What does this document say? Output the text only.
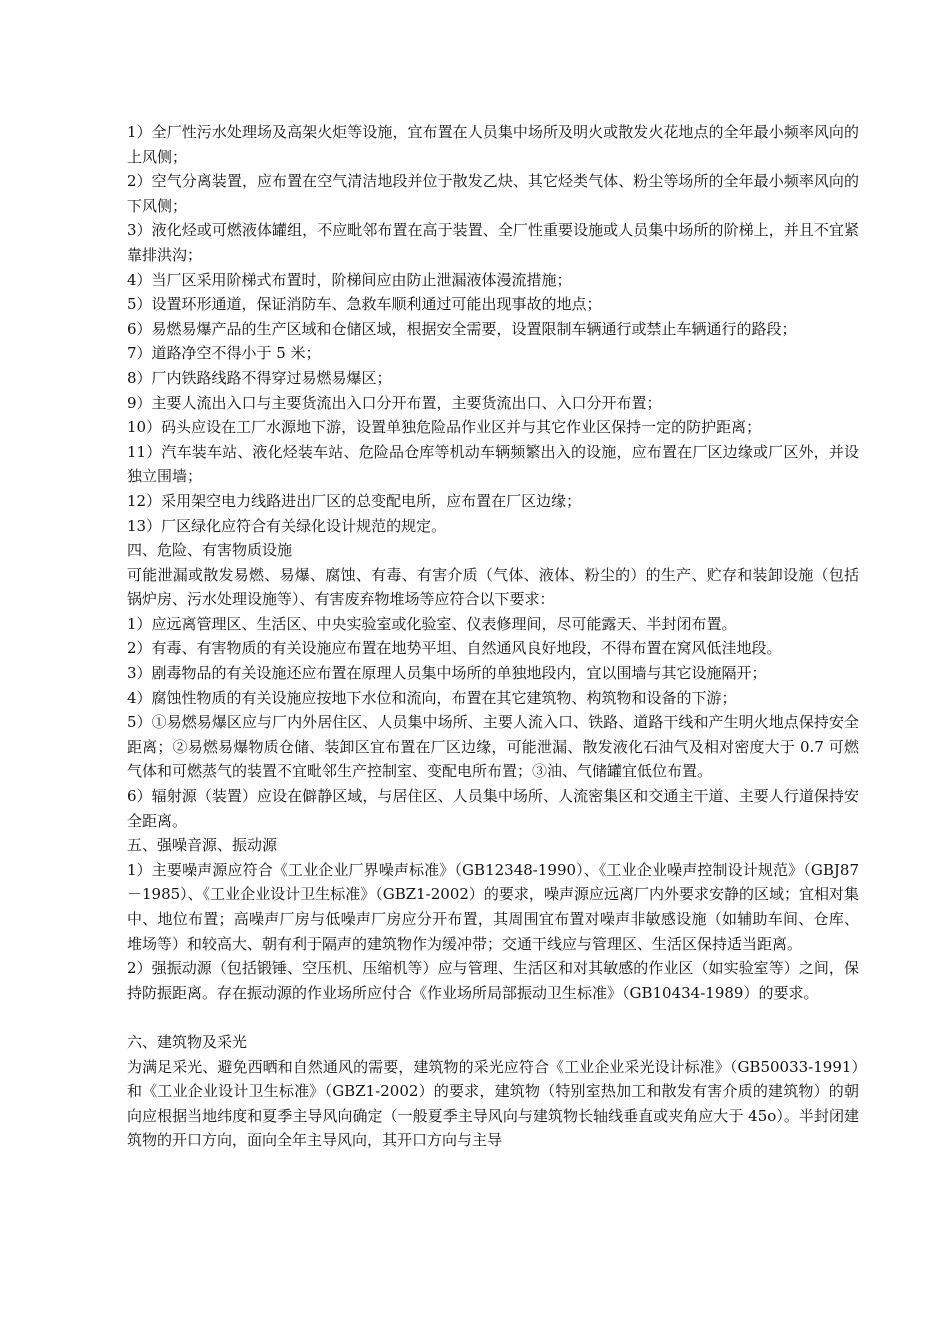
1）全厂性污水处理场及高架火炬等设施，宜布置在人员集中场所及明火或散发火花地点的全年最小频率风向的上风侧；

2）空气分离装置，应布置在空气清洁地段并位于散发乙炔、其它烃类气体、粉尘等场所的全年最小频率风向的下风侧；

3）液化烃或可燃液体罐组，不应毗邻布置在高于装置、全厂性重要设施或人员集中场所的阶梯上，并且不宜紧靠排洪沟；

4）当厂区采用阶梯式布置时，阶梯间应由防止泄漏液体漫流措施；

5）设置环形通道，保证消防车、急救车顺利通过可能出现事故的地点；

6）易燃易爆产品的生产区域和仓储区域，根据安全需要，设置限制车辆通行或禁止车辆通行的路段；

7）道路净空不得小于 5 米；

8）厂内铁路线路不得穿过易燃易爆区；

9）主要人流出入口与主要货流出入口分开布置，主要货流出口、入口分开布置；

10）码头应设在工厂水源地下游，设置单独危险品作业区并与其它作业区保持一定的防护距离；

11）汽车装车站、液化烃装车站、危险品仓库等机动车辆频繁出入的设施，应布置在厂区边缘或厂区外，并设独立围墙；

12）采用架空电力线路进出厂区的总变配电所，应布置在厂区边缘；

13）厂区绿化应符合有关绿化设计规范的规定。

四、危险、有害物质设施

可能泄漏或散发易燃、易爆、腐蚀、有毒、有害介质（气体、液体、粉尘的）的生产、贮存和装卸设施（包括锅炉房、污水处理设施等）、有害废弃物堆场等应符合以下要求：

1）应远离管理区、生活区、中央实验室或化验室、仪表修理间，尽可能露天、半封闭布置。

2）有毒、有害物质的有关设施应布置在地势平坦、自然通风良好地段，不得布置在窝风低洼地段。

3）剧毒物品的有关设施还应布置在原理人员集中场所的单独地段内，宜以围墙与其它设施隔开；

4）腐蚀性物质的有关设施应按地下水位和流向，布置在其它建筑物、构筑物和设备的下游；

5）①易燃易爆区应与厂内外居住区、人员集中场所、主要人流入口、铁路、道路干线和产生明火地点保持安全距离；②易燃易爆物质仓储、装卸区宜布置在厂区边缘，可能泄漏、散发液化石油气及相对密度大于 0.7 可燃气体和可燃蒸气的装置不宜毗邻生产控制室、变配电所布置；③油、气储罐宜低位布置。

6）辐射源（装置）应设在僻静区域，与居住区、人员集中场所、人流密集区和交通主干道、主要人行道保持安全距离。

五、强噪音源、振动源

1）主要噪声源应符合《工业企业厂界噪声标准》（GB12348-1990）、《工业企业噪声控制设计规范》（GBJ87－1985）、《工业企业设计卫生标准》（GBZ1-2002）的要求，噪声源应远离厂内外要求安静的区域；宜相对集中、地位布置；高噪声厂房与低噪声厂房应分开布置，其周围宜布置对噪声非敏感设施（如辅助车间、仓库、堆场等）和较高大、朝有利于隔声的建筑物作为缓冲带；交通干线应与管理区、生活区保持适当距离。

2）强振动源（包括锻锤、空压机、压缩机等）应与管理、生活区和对其敏感的作业区（如实验室等）之间，保持防振距离。存在振动源的作业场所应付合《作业场所局部振动卫生标准》（GB10434-1989）的要求。

六、建筑物及采光

为满足采光、避免西晒和自然通风的需要，建筑物的采光应符合《工业企业采光设计标准》（GB50033-1991）和《工业企业设计卫生标准》（GBZ1-2002）的要求，建筑物（特别室热加工和散发有害介质的建筑物）的朝向应根据当地纬度和夏季主导风向确定（一般夏季主导风向与建筑物长轴线垂直或夹角应大于 45o）。半封闭建筑物的开口方向，面向全年主导风向，其开口方向与主导
